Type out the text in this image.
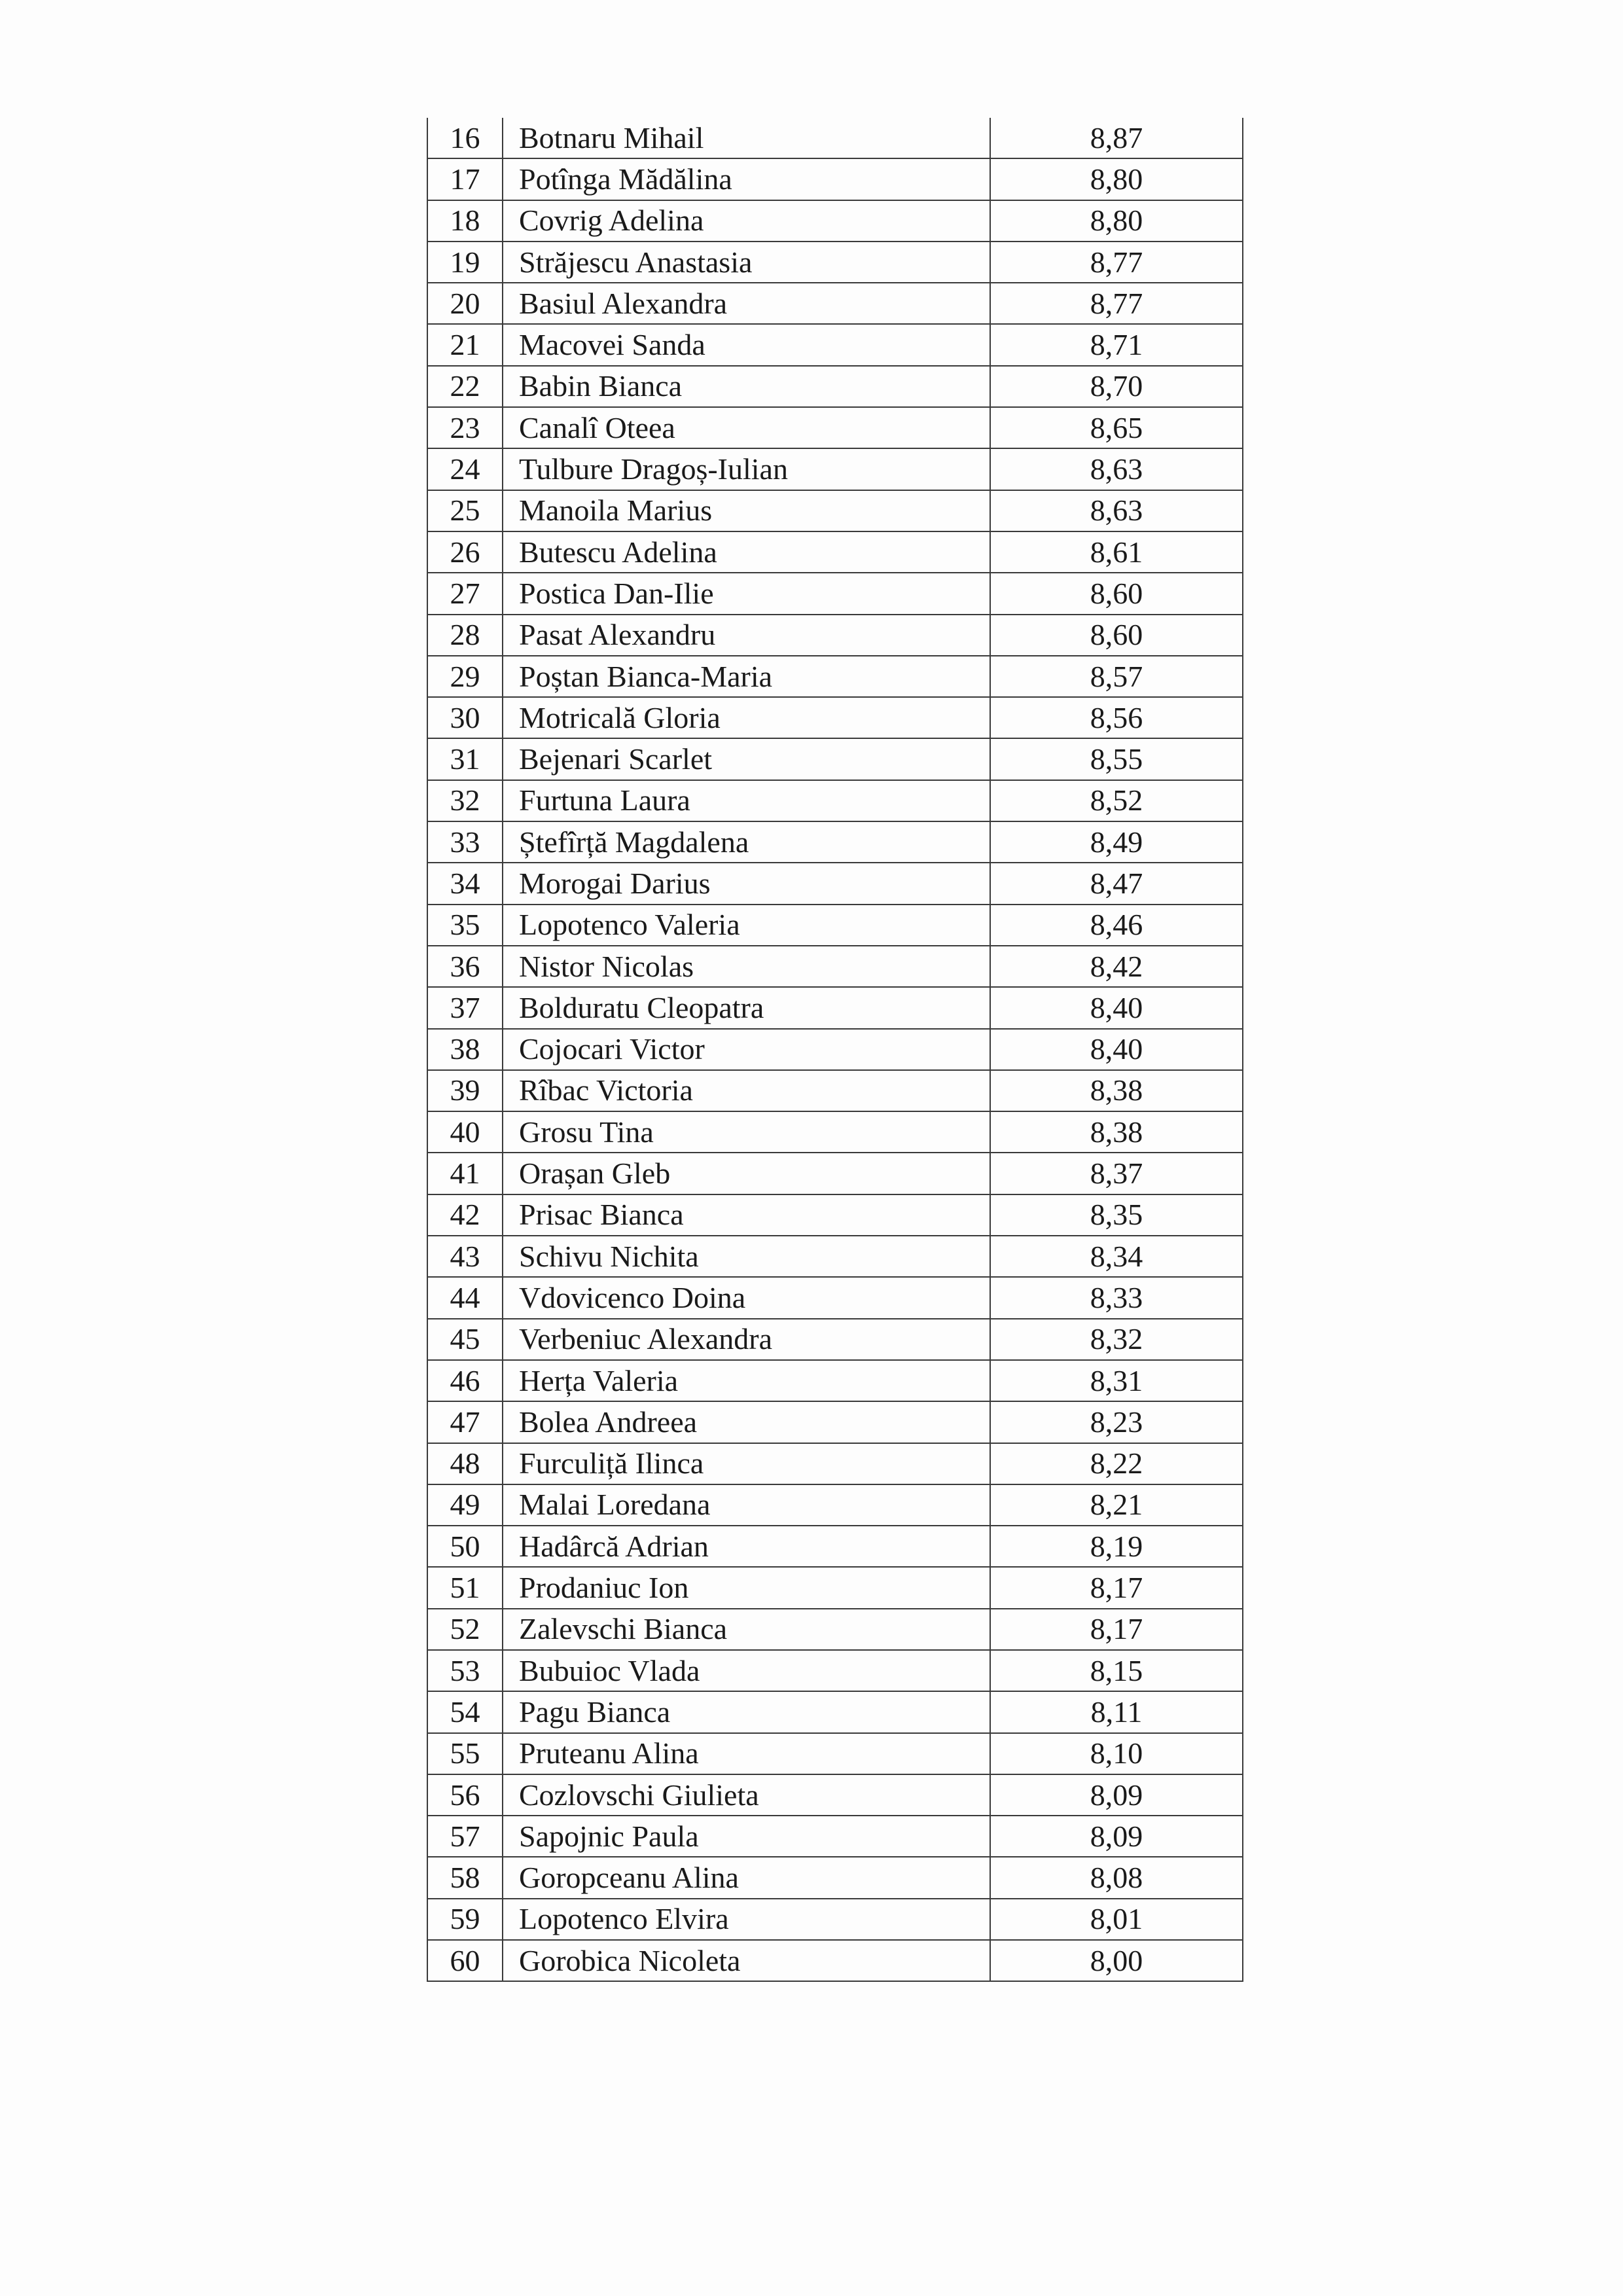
16	Botnaru Mihail	8,87
17	Potînga Mădălina	8,80
18	Covrig Adelina	8,80
19	Străjescu Anastasia	8,77
20	Basiul Alexandra	8,77
21	Macovei Sanda	8,71
22	Babin Bianca	8,70
23	Canalî Oteea	8,65
24	Tulbure Dragoș-Iulian	8,63
25	Manoila Marius	8,63
26	Butescu Adelina	8,61
27	Postica Dan-Ilie	8,60
28	Pasat Alexandru	8,60
29	Poștan Bianca-Maria	8,57
30	Motricală Gloria	8,56
31	Bejenari Scarlet	8,55
32	Furtuna Laura	8,52
33	Ștefîrță Magdalena	8,49
34	Morogai Darius	8,47
35	Lopotenco Valeria	8,46
36	Nistor Nicolas	8,42
37	Bolduratu Cleopatra	8,40
38	Cojocari Victor	8,40
39	Rîbac Victoria	8,38
40	Grosu Tina	8,38
41	Orașan Gleb	8,37
42	Prisac Bianca	8,35
43	Schivu Nichita	8,34
44	Vdovicenco Doina	8,33
45	Verbeniuc Alexandra	8,32
46	Herța Valeria	8,31
47	Bolea Andreea	8,23
48	Furculiță Ilinca	8,22
49	Malai Loredana	8,21
50	Hadârcă Adrian	8,19
51	Prodaniuc Ion	8,17
52	Zalevschi Bianca	8,17
53	Bubuioc Vlada	8,15
54	Pagu Bianca	8,11
55	Pruteanu Alina	8,10
56	Cozlovschi Giulieta	8,09
57	Sapojnic Paula	8,09
58	Goropceanu Alina	8,08
59	Lopotenco Elvira	8,01
60	Gorobica Nicoleta	8,00
